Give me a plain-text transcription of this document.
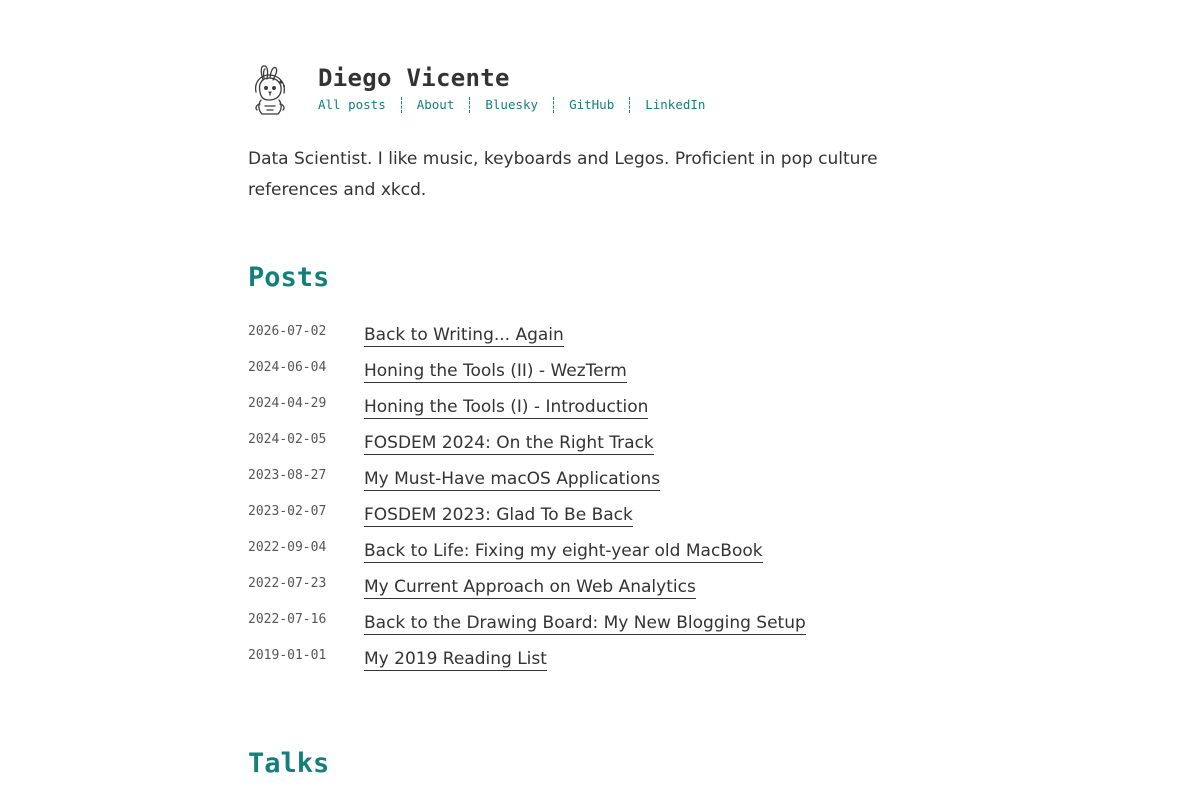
Diego Vicente
All posts	About	Bluesky	GitHub	LinkedIn

Data Scientist. I like music, keyboards and Legos. Proficient in pop culture references and xkcd.

Posts
2026-07-02 Back to Writing... Again
2024-06-04 Honing the Tools (II) - WezTerm
2024-04-29 Honing the Tools (I) - Introduction
2024-02-05 FOSDEM 2024: On the Right Track
2023-08-27 My Must-Have macOS Applications
2023-02-07 FOSDEM 2023: Glad To Be Back
2022-09-04 Back to Life: Fixing my eight-year old MacBook
2022-07-23 My Current Approach on Web Analytics
2022-07-16 Back to the Drawing Board: My New Blogging Setup
2019-01-01 My 2019 Reading List
Talks
